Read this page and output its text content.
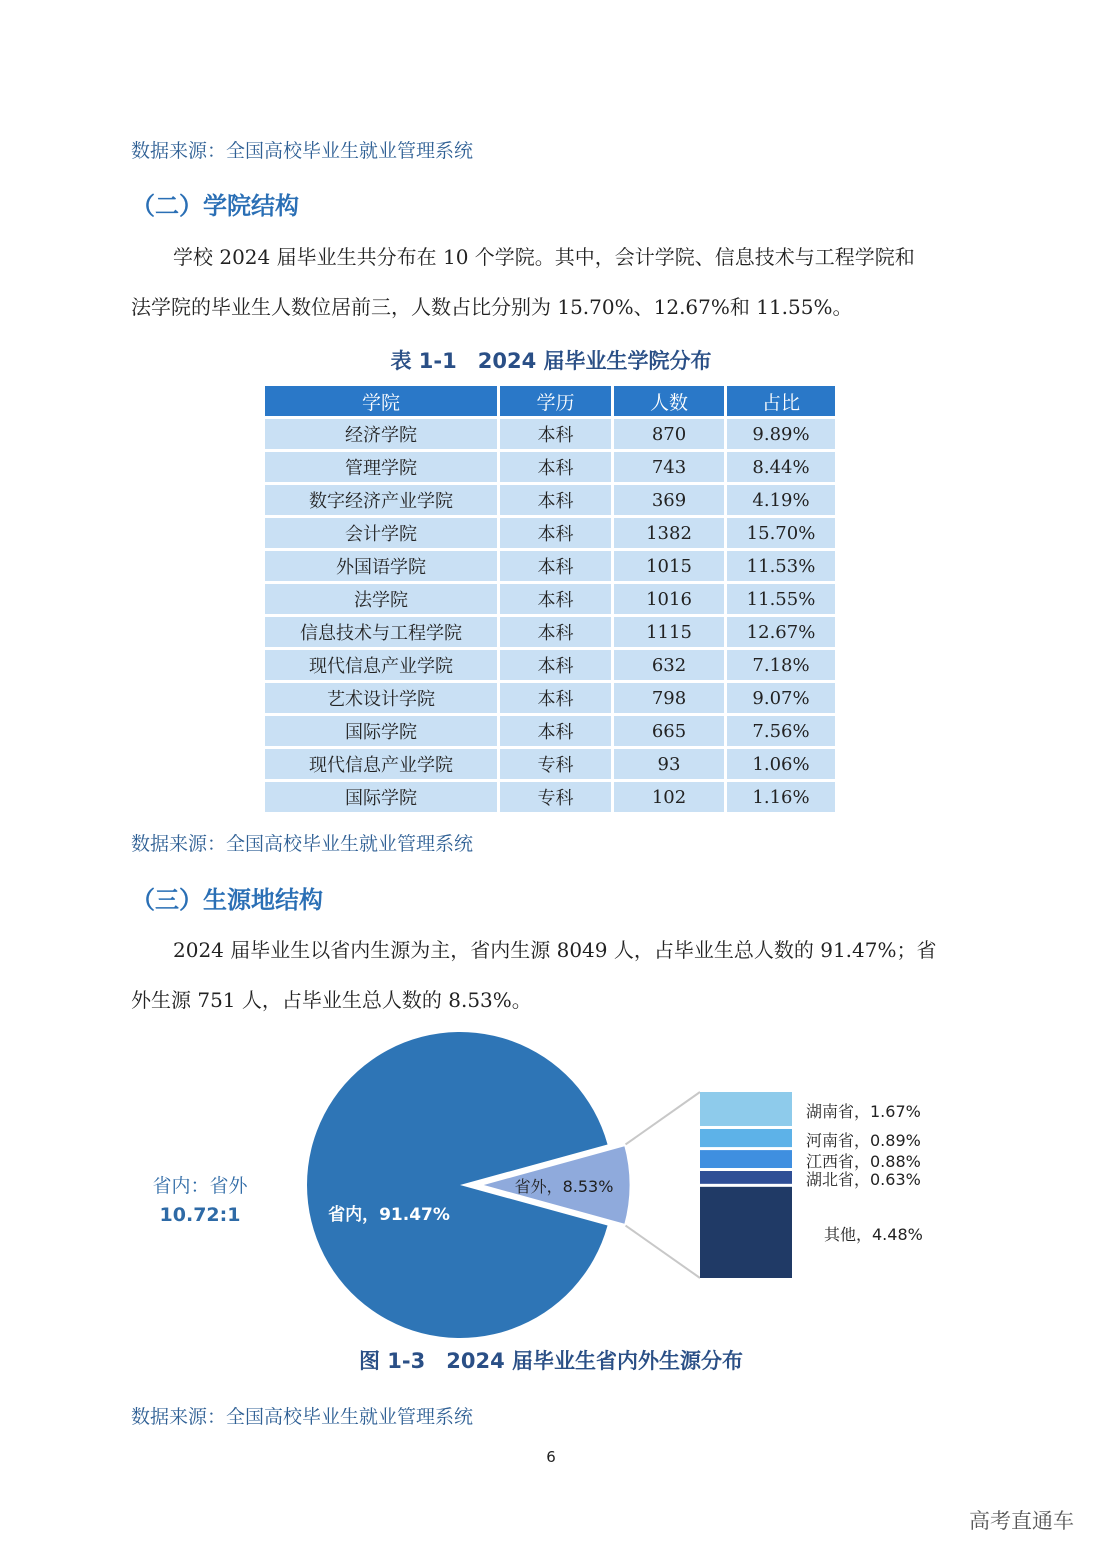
数据来源：全国高校毕业生就业管理系统
（二）学院结构
学校 2024 届毕业生共分布在 10 个学院。其中，会计学院、信息技术与工程学院和
法学院的毕业生人数位居前三，人数占比分别为 15.70%、12.67%和 11.55%。
表 1-1　2024 届毕业生学院分布
学院	学历	人数	占比
经济学院	本科	870	9.89%
管理学院	本科	743	8.44%
数字经济产业学院	本科	369	4.19%
会计学院	本科	1382	15.70%
外国语学院	本科	1015	11.53%
法学院	本科	1016	11.55%
信息技术与工程学院	本科	1115	12.67%
现代信息产业学院	本科	632	7.18%
艺术设计学院	本科	798	9.07%
国际学院	本科	665	7.56%
现代信息产业学院	专科	93	1.06%
国际学院	专科	102	1.16%
数据来源：全国高校毕业生就业管理系统
（三）生源地结构
2024 届毕业生以省内生源为主，省内生源 8049 人，占毕业生总人数的 91.47%；省
外生源 751 人，占毕业生总人数的 8.53%。
省内：省外
10.72:1	省内，91.47%
省外，8.53%
湖南省，1.67%
河南省，0.89%
江西省，0.88%
湖北省，0.63%
其他，4.48%
图 1-3　2024 届毕业生省内外生源分布
数据来源：全国高校毕业生就业管理系统
6
高考直通车
